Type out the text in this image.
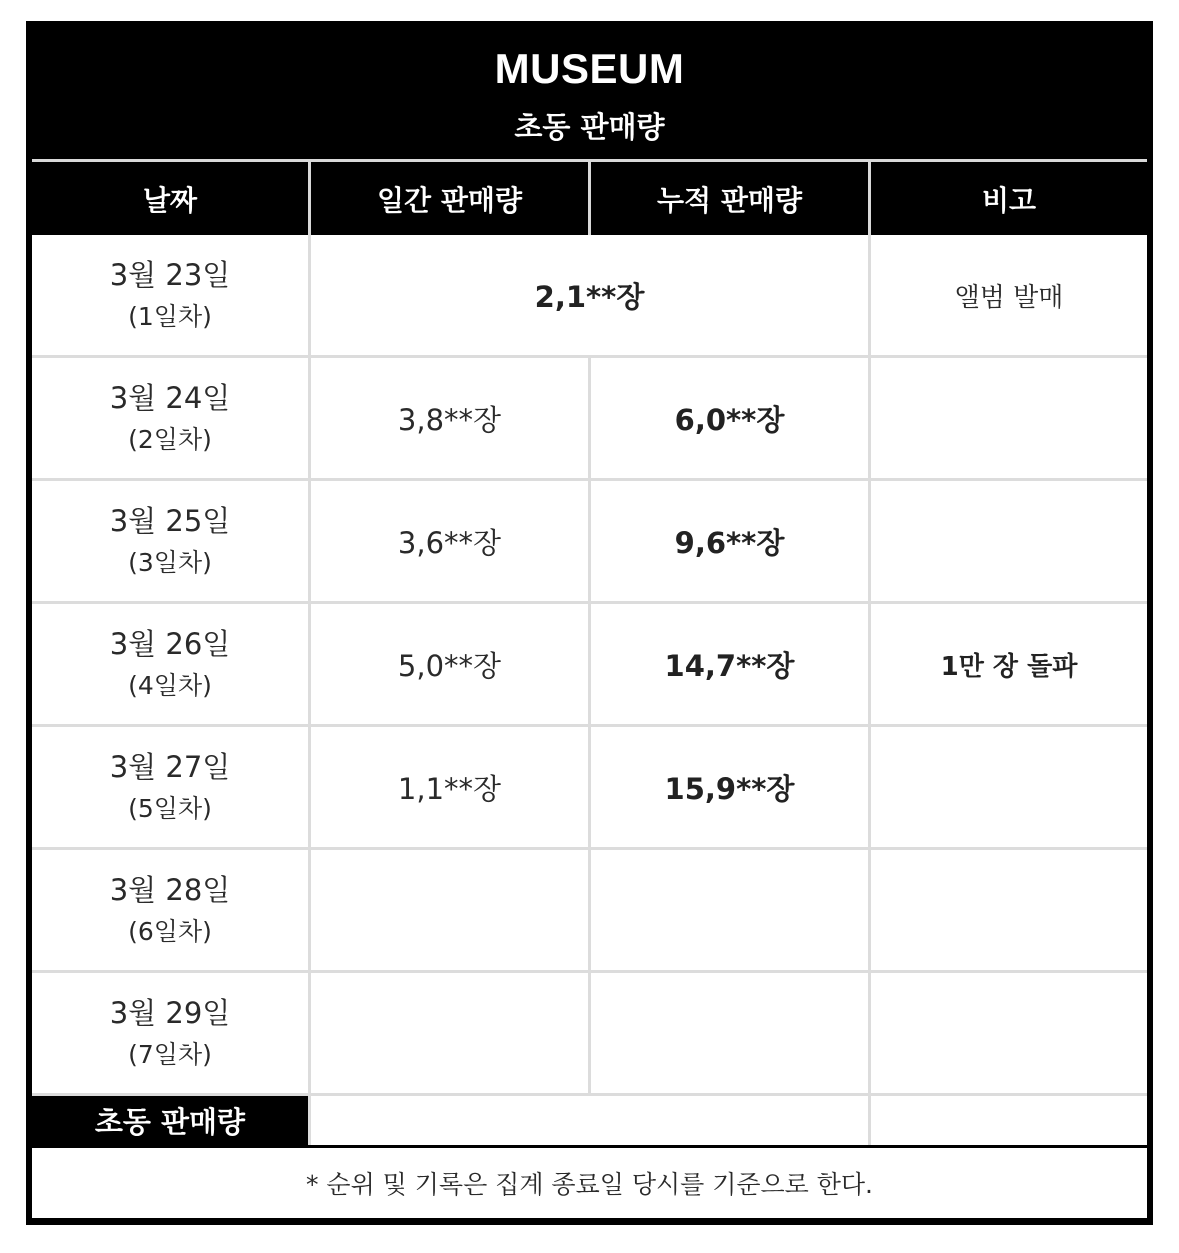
MUSEUM
초동 판매량
날짜	일간 판매량	누적 판매량	비고
3월 23일
(1일차)
2,1**장	앨범 발매
3월 24일
(2일차)
3,8**장	6,0**장
3월 25일
(3일차)
3,6**장	9,6**장
3월 26일
(4일차)
5,0**장	14,7**장	1만 장 돌파
3월 27일
(5일차)
1,1**장	15,9**장
3월 28일
(6일차)
3월 29일
(7일차)
초동 판매량
* 순위 및 기록은 집계 종료일 당시를 기준으로 한다.
